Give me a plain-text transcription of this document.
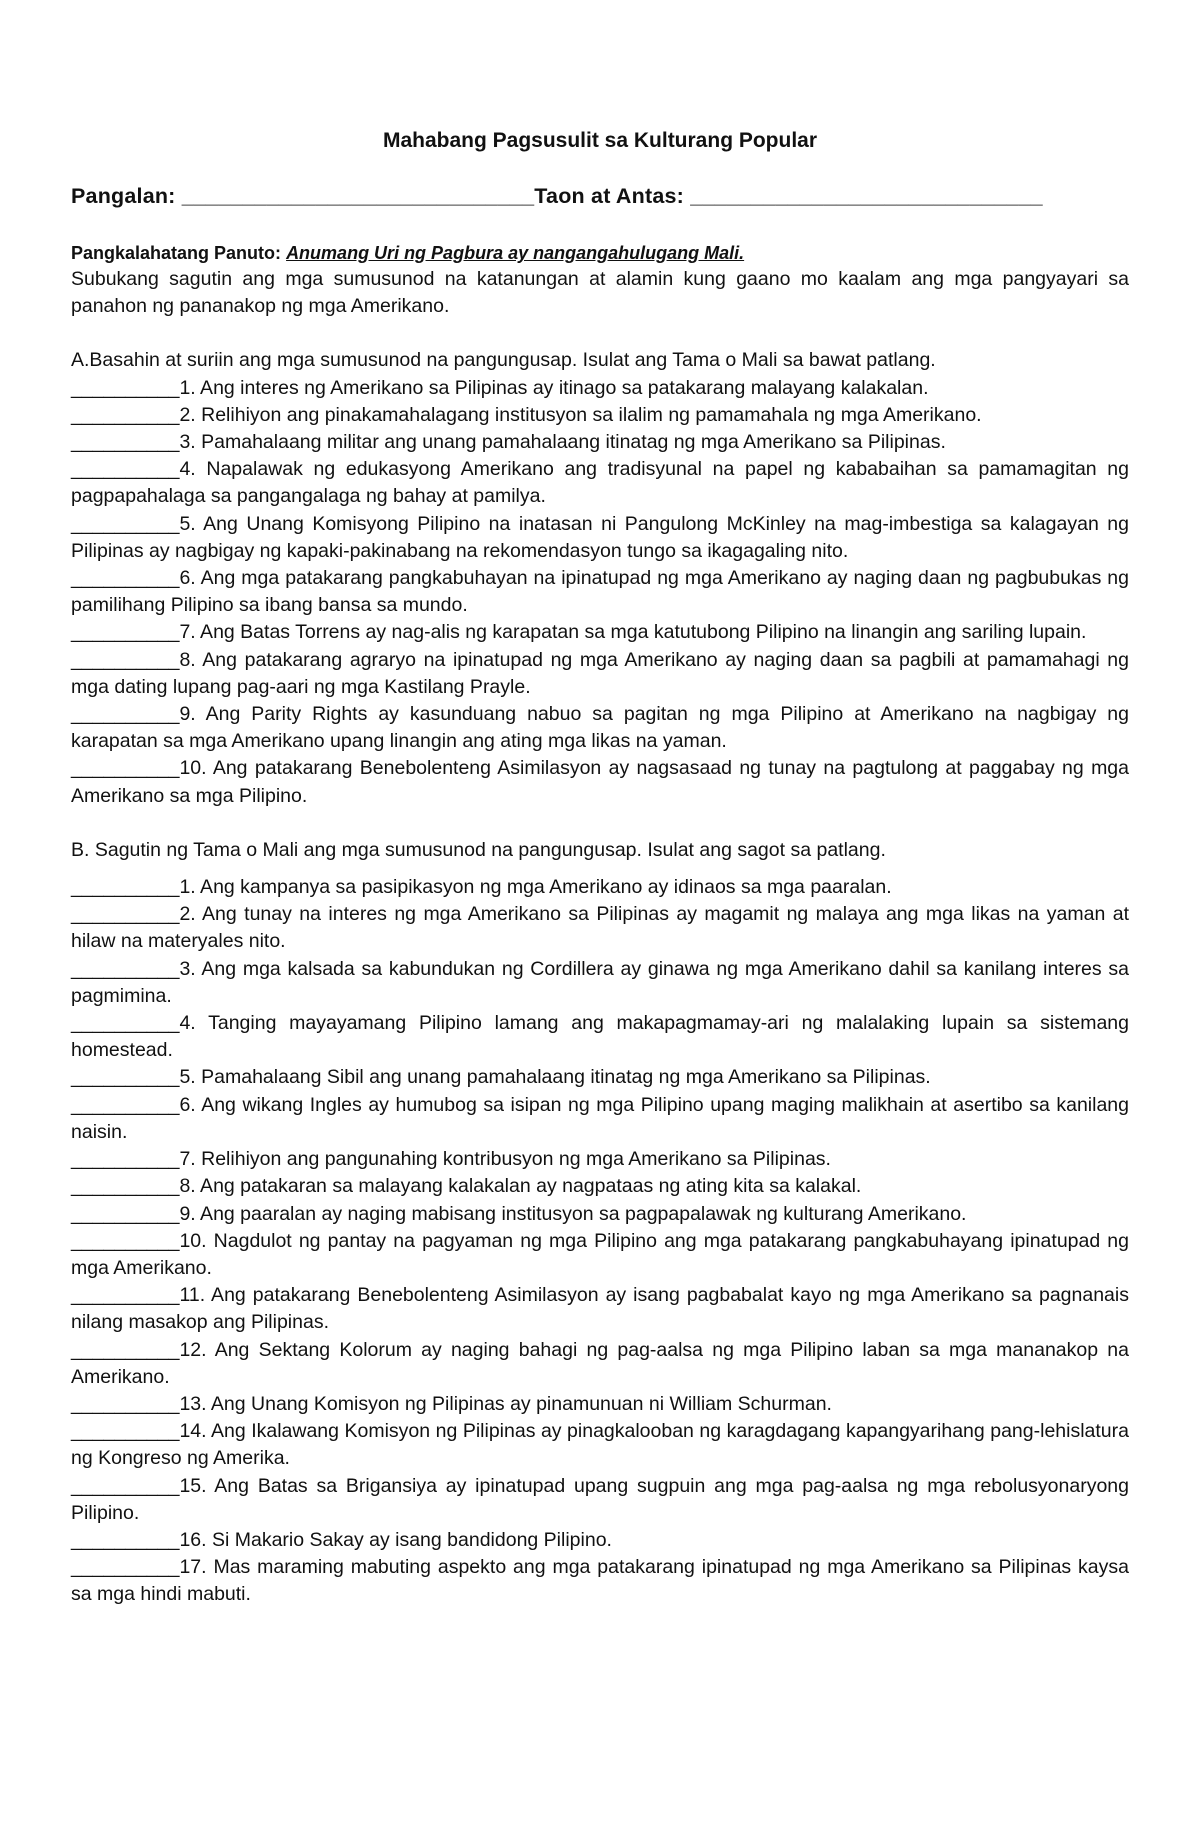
Mahabang Pagsusulit sa Kulturang Popular

Pangalan: _____________________________Taon at Antas: _____________________________
Pangkalahatang Panuto: Anumang Uri ng Pagbura ay nangangahulugang Mali.

Subukang sagutin ang mga sumusunod na katanungan at alamin kung gaano mo kaalam ang mga pangyayari sa panahon ng pananakop ng mga Amerikano.

A.Basahin at suriin ang mga sumusunod na pangungusap. Isulat ang Tama o Mali sa bawat patlang.

__________1. Ang interes ng Amerikano sa Pilipinas ay itinago sa patakarang malayang kalakalan.

__________2. Relihiyon ang pinakamahalagang institusyon sa ilalim ng pamamahala ng mga Amerikano.

__________3. Pamahalaang militar ang unang pamahalaang itinatag ng mga Amerikano sa Pilipinas.

__________4. Napalawak ng edukasyong Amerikano ang tradisyunal na papel ng kababaihan sa pamamagitan ng pagpapahalaga sa pangangalaga ng bahay at pamilya.

__________5. Ang Unang Komisyong Pilipino na inatasan ni Pangulong McKinley na mag-imbestiga sa kalagayan ng Pilipinas ay nagbigay ng kapaki-pakinabang na rekomendasyon tungo sa ikagagaling nito.

__________6. Ang mga patakarang pangkabuhayan na ipinatupad ng mga Amerikano ay naging daan ng pagbubukas ng pamilihang Pilipino sa ibang bansa sa mundo.

__________7. Ang Batas Torrens ay nag-alis ng karapatan sa mga katutubong Pilipino na linangin ang sariling lupain.

__________8. Ang patakarang agraryo na ipinatupad ng mga Amerikano ay naging daan sa pagbili at pamamahagi ng mga dating lupang pag-aari ng mga Kastilang Prayle.

__________9. Ang Parity Rights ay kasunduang nabuo sa pagitan ng mga Pilipino at Amerikano na nagbigay ng karapatan sa mga Amerikano upang linangin ang ating mga likas na yaman.

__________10. Ang patakarang Benebolenteng Asimilasyon ay nagsasaad ng tunay na pagtulong at paggabay ng mga Amerikano sa mga Pilipino.

B. Sagutin ng Tama o Mali ang mga sumusunod na pangungusap. Isulat ang sagot sa patlang.

__________1. Ang kampanya sa pasipikasyon ng mga Amerikano ay idinaos sa mga paaralan.

__________2. Ang tunay na interes ng mga Amerikano sa Pilipinas ay magamit ng malaya ang mga likas na yaman at hilaw na materyales nito.

__________3. Ang mga kalsada sa kabundukan ng Cordillera ay ginawa ng mga Amerikano dahil sa kanilang interes sa pagmimina.

__________4. Tanging mayayamang Pilipino lamang ang makapagmamay-ari ng malalaking lupain sa sistemang homestead.

__________5. Pamahalaang Sibil ang unang pamahalaang itinatag ng mga Amerikano sa Pilipinas.

__________6. Ang wikang Ingles ay humubog sa isipan ng mga Pilipino upang maging malikhain at asertibo sa kanilang naisin.

__________7. Relihiyon ang pangunahing kontribusyon ng mga Amerikano sa Pilipinas.

__________8. Ang patakaran sa malayang kalakalan ay nagpataas ng ating kita sa kalakal.

__________9. Ang paaralan ay naging mabisang institusyon sa pagpapalawak ng kulturang Amerikano.

__________10. Nagdulot ng pantay na pagyaman ng mga Pilipino ang mga patakarang pangkabuhayang ipinatupad ng mga Amerikano.

__________11. Ang patakarang Benebolenteng Asimilasyon ay isang pagbabalat kayo ng mga Amerikano sa pagnanais nilang masakop ang Pilipinas.

__________12. Ang Sektang Kolorum ay naging bahagi ng pag-aalsa ng mga Pilipino laban sa mga mananakop na Amerikano.

__________13. Ang Unang Komisyon ng Pilipinas ay pinamunuan ni William Schurman.

__________14. Ang Ikalawang Komisyon ng Pilipinas ay pinagkalooban ng karagdagang kapangyarihang pang-lehislatura ng Kongreso ng Amerika.

__________15. Ang Batas sa Brigansiya ay ipinatupad upang sugpuin ang mga pag-aalsa ng mga rebolusyonaryong Pilipino.

__________16. Si Makario Sakay ay isang bandidong Pilipino.

__________17. Mas maraming mabuting aspekto ang mga patakarang ipinatupad ng mga Amerikano sa Pilipinas kaysa sa mga hindi mabuti.
